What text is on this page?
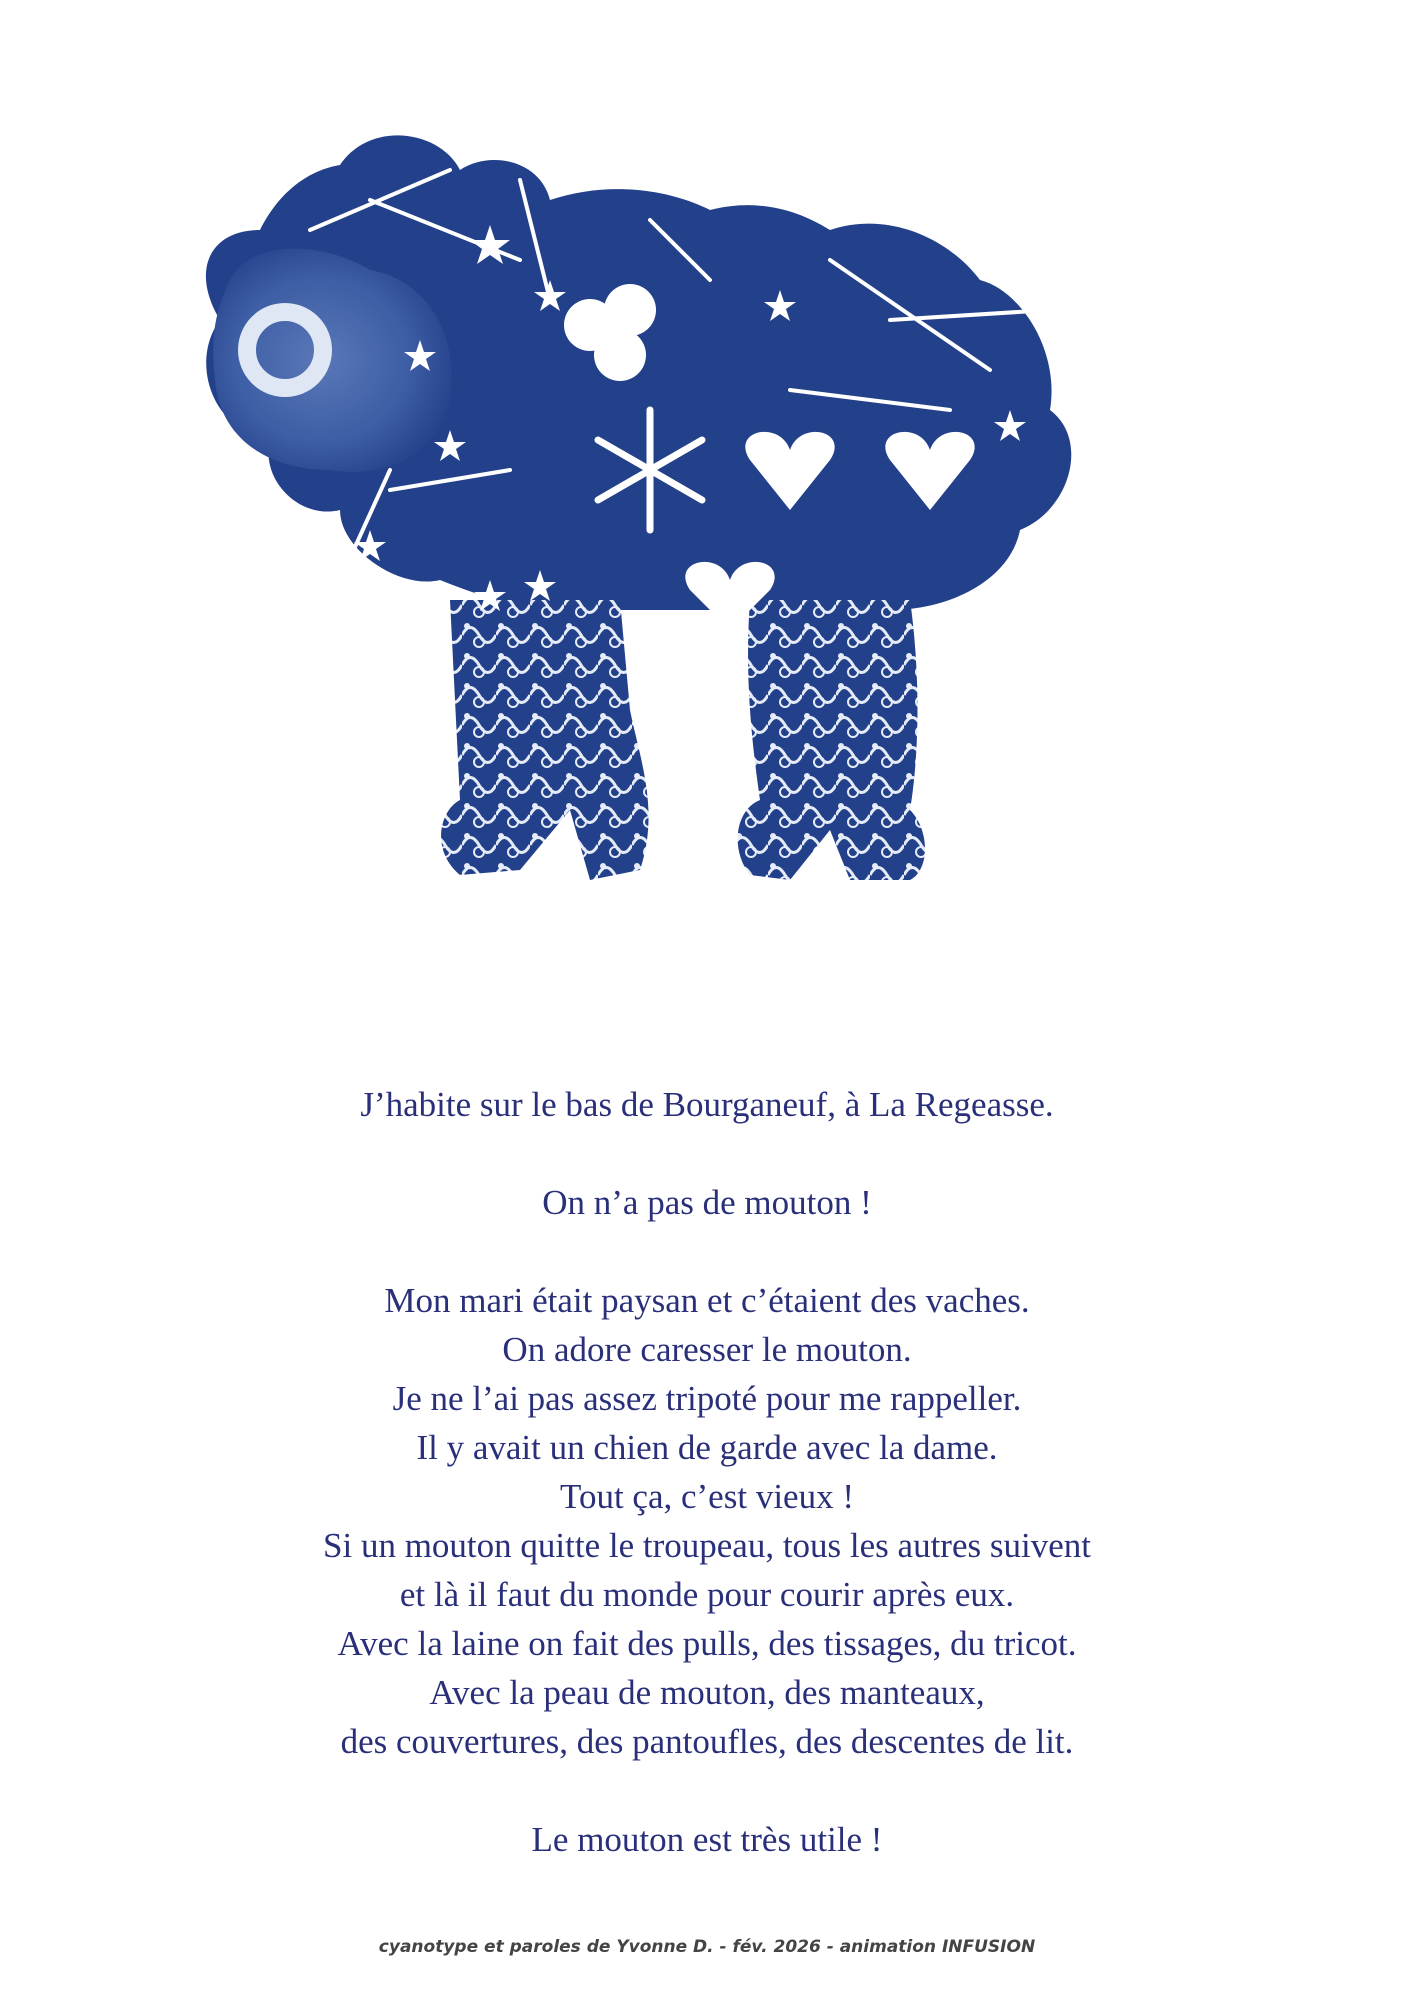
J’habite sur le bas de Bourganeuf, à La Regeasse.
On n’a pas de mouton !
Mon mari était paysan et c’étaient des vaches.
On adore caresser le mouton.
Je ne l’ai pas assez tripoté pour me rappeller.
Il y avait un chien de garde avec la dame.
Tout ça, c’est vieux !
Si un mouton quitte le troupeau, tous les autres suivent
et là il faut du monde pour courir après eux.
Avec la laine on fait des pulls, des tissages, du tricot.
Avec la peau de mouton, des manteaux,
des couvertures, des pantoufles, des descentes de lit.
Le mouton est très utile !
cyanotype et paroles de Yvonne D. - fév. 2026 - animation INFUSION
